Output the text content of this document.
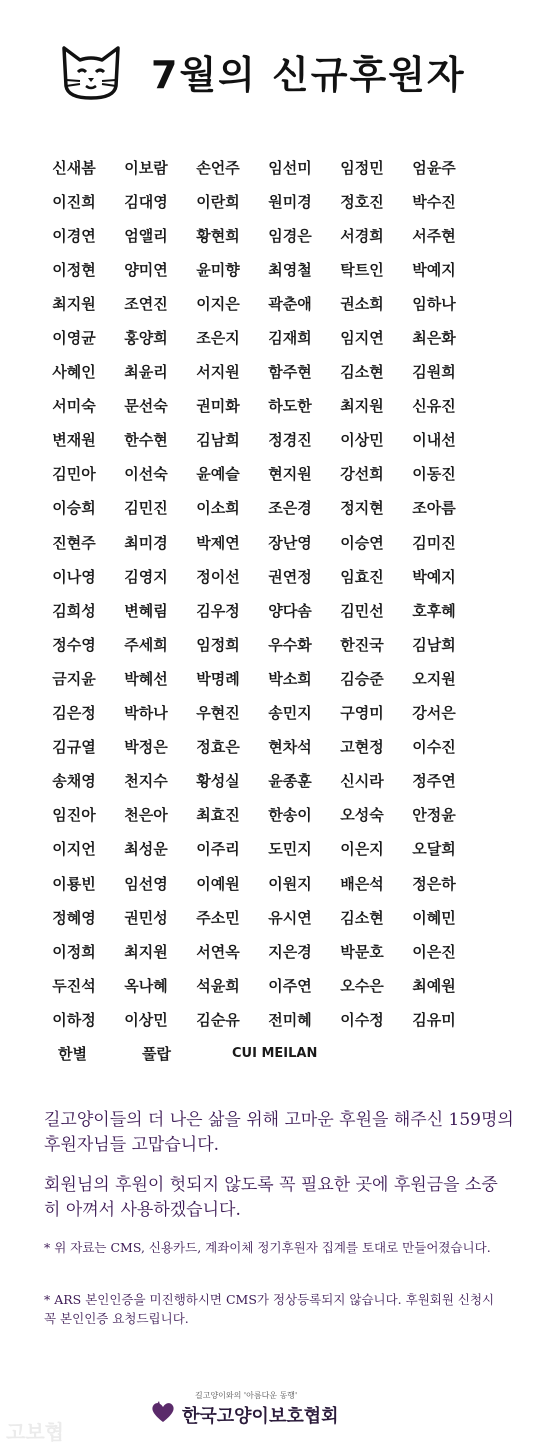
7월의 신규후원자
신새봄	이보람	손언주	임선미	임정민	엄윤주
이진희	김대영	이란희	원미경	정호진	박수진
이경연	엄앨리	황현희	임경은	서경희	서주현
이정현	양미연	윤미향	최영철	탁트인	박예지
최지원	조연진	이지은	곽춘애	권소희	임하나
이영균	홍양희	조은지	김재희	임지연	최은화
사혜인	최윤리	서지원	함주현	김소현	김원희
서미숙	문선숙	권미화	하도한	최지원	신유진
변재원	한수현	김남희	정경진	이상민	이내선
김민아	이선숙	윤예슬	현지원	강선희	이동진
이승희	김민진	이소희	조은경	정지현	조아름
진현주	최미경	박제연	장난영	이승연	김미진
이나영	김영지	정이선	권연정	임효진	박예지
김희성	변혜림	김우정	양다솜	김민선	호후혜
정수영	주세희	임정희	우수화	한진국	김남희
금지윤	박혜선	박명례	박소희	김승준	오지원
김은정	박하나	우현진	송민지	구영미	강서은
김규열	박정은	정효은	현차석	고현정	이수진
송채영	천지수	황성실	윤종훈	신시라	정주연
임진아	천은아	최효진	한송이	오성숙	안정윤
이지언	최성운	이주리	도민지	이은지	오달희
이룡빈	임선영	이예원	이원지	배은석	정은하
정혜영	권민성	주소민	유시연	김소현	이혜민
이정희	최지원	서연옥	지은경	박문호	이은진
두진석	옥나혜	석윤희	이주연	오수은	최예원
이하정	이상민	김순유	전미혜	이수정	김유미
한별	풀랍	CUI MEILAN
길고양이들의 더 나은 삶을 위해 고마운 후원을 해주신 159명의 후원자님들 고맙습니다.
회원님의 후원이 헛되지 않도록 꼭 필요한 곳에 후원금을 소중히 아껴서 사용하겠습니다.
* 위 자료는 CMS, 신용카드, 계좌이체 정기후원자 집계를 토대로 만들어졌습니다.
* ARS 본인인증을 미진행하시면 CMS가 정상등록되지 않습니다. 후원회원 신청시 꼭 본인인증 요청드립니다.
길고양이와의 '아름다운 동행'
한국고양이보호협회
고보협
